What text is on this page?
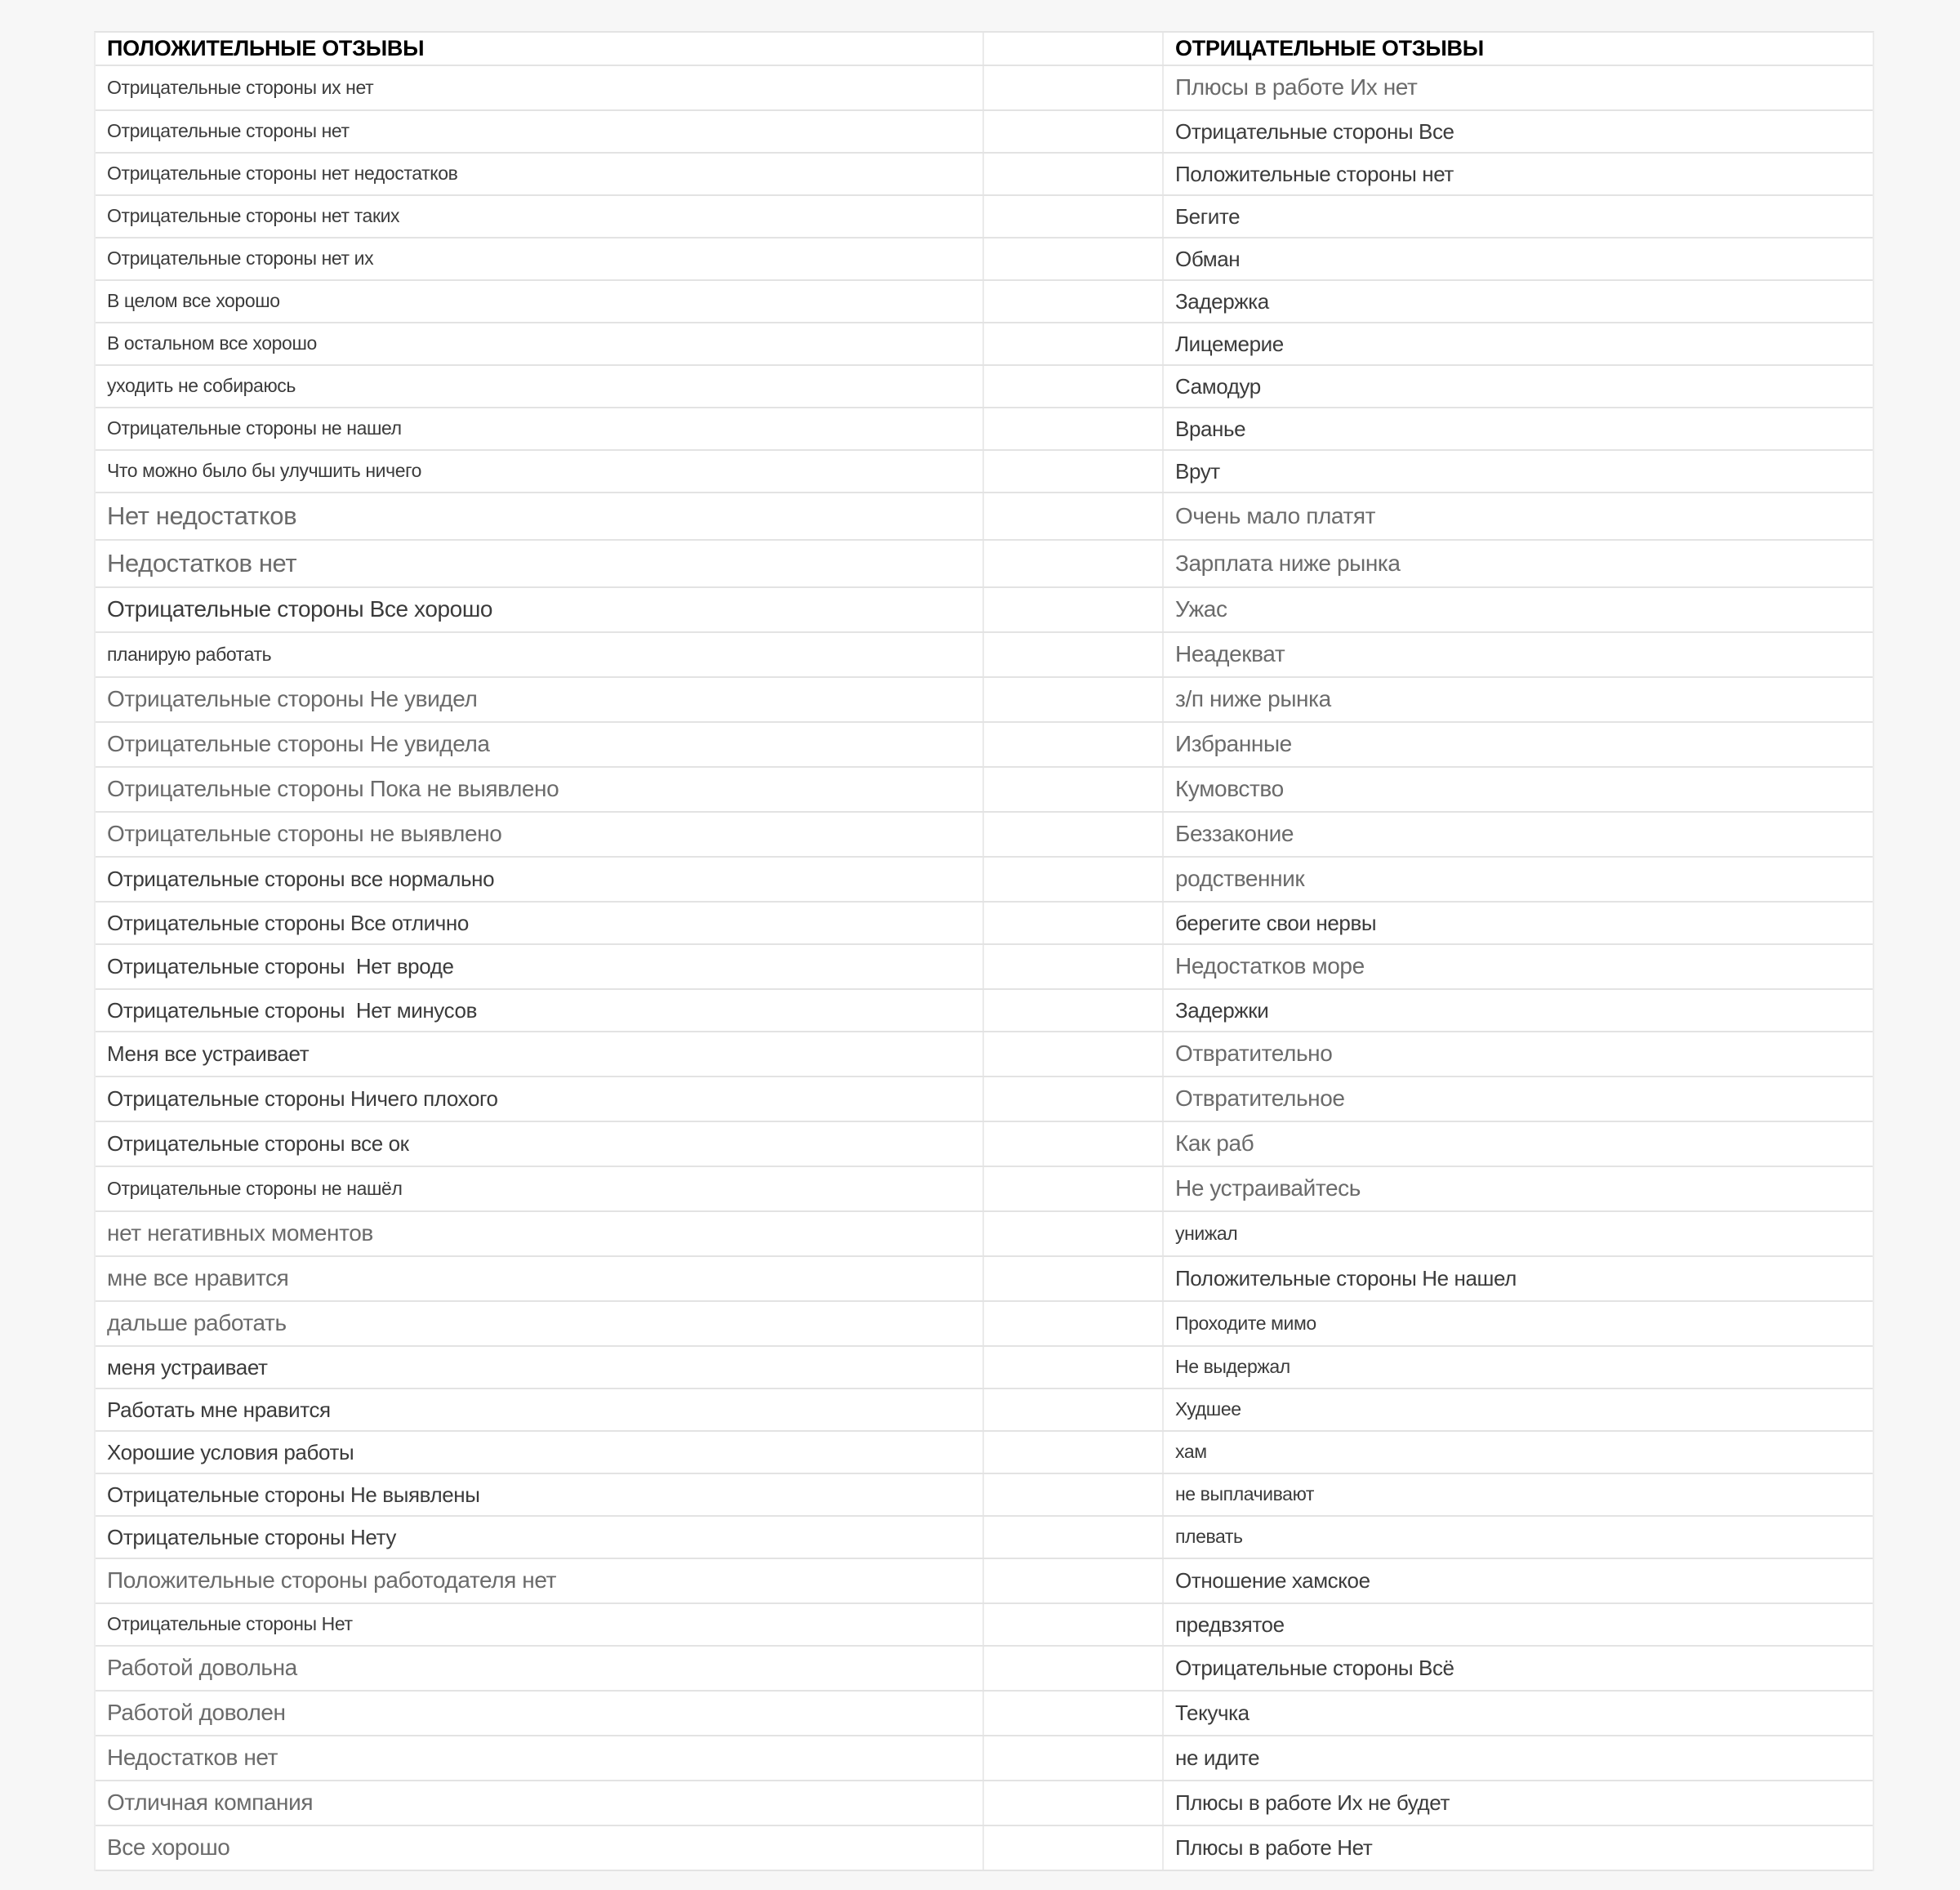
ПОЛОЖИТЕЛЬНЫЕ ОТЗЫВЫ	ОТРИЦАТЕЛЬНЫЕ ОТЗЫВЫ
Отрицательные стороны их нет	Плюсы в работе Их нет
Отрицательные стороны нет	Отрицательные стороны Все
Отрицательные стороны нет недостатков	Положительные стороны нет
Отрицательные стороны нет таких	Бегите
Отрицательные стороны нет их	Обман
В целом все хорошо	Задержка
В остальном все хорошо	Лицемерие
уходить не собираюсь	Самодур
Отрицательные стороны не нашел	Вранье
Что можно было бы улучшить ничего	Врут
Нет недостатков	Очень мало платят
Недостатков нет	Зарплата ниже рынка
Отрицательные стороны Все хорошо	Ужас
планирую работать	Неадекват
Отрицательные стороны Не увидел	з/п ниже рынка
Отрицательные стороны Не увидела	Избранные
Отрицательные стороны Пока не выявлено	Кумовство
Отрицательные стороны не выявлено	Беззаконие
Отрицательные стороны все нормально	родственник
Отрицательные стороны Все отлично	берегите свои нервы
Отрицательные стороны  Нет вроде	Недостатков море
Отрицательные стороны  Нет минусов	Задержки
Меня все устраивает	Отвратительно
Отрицательные стороны Ничего плохого	Отвратительное
Отрицательные стороны все ок	Как раб
Отрицательные стороны не нашёл	Не устраивайтесь
нет негативных моментов	унижал
мне все нравится	Положительные стороны Не нашел
дальше работать	Проходите мимо
меня устраивает	Не выдержал
Работать мне нравится	Худшее
Хорошие условия работы	хам
Отрицательные стороны Не выявлены	не выплачивают
Отрицательные стороны Нету	плевать
Положительные стороны работодателя нет	Отношение хамское
Отрицательные стороны Нет	предвзятое
Работой довольна	Отрицательные стороны Всё
Работой доволен	Текучка
Недостатков нет	не идите
Отличная компания	Плюсы в работе Их не будет
Все хорошо	Плюсы в работе Нет
